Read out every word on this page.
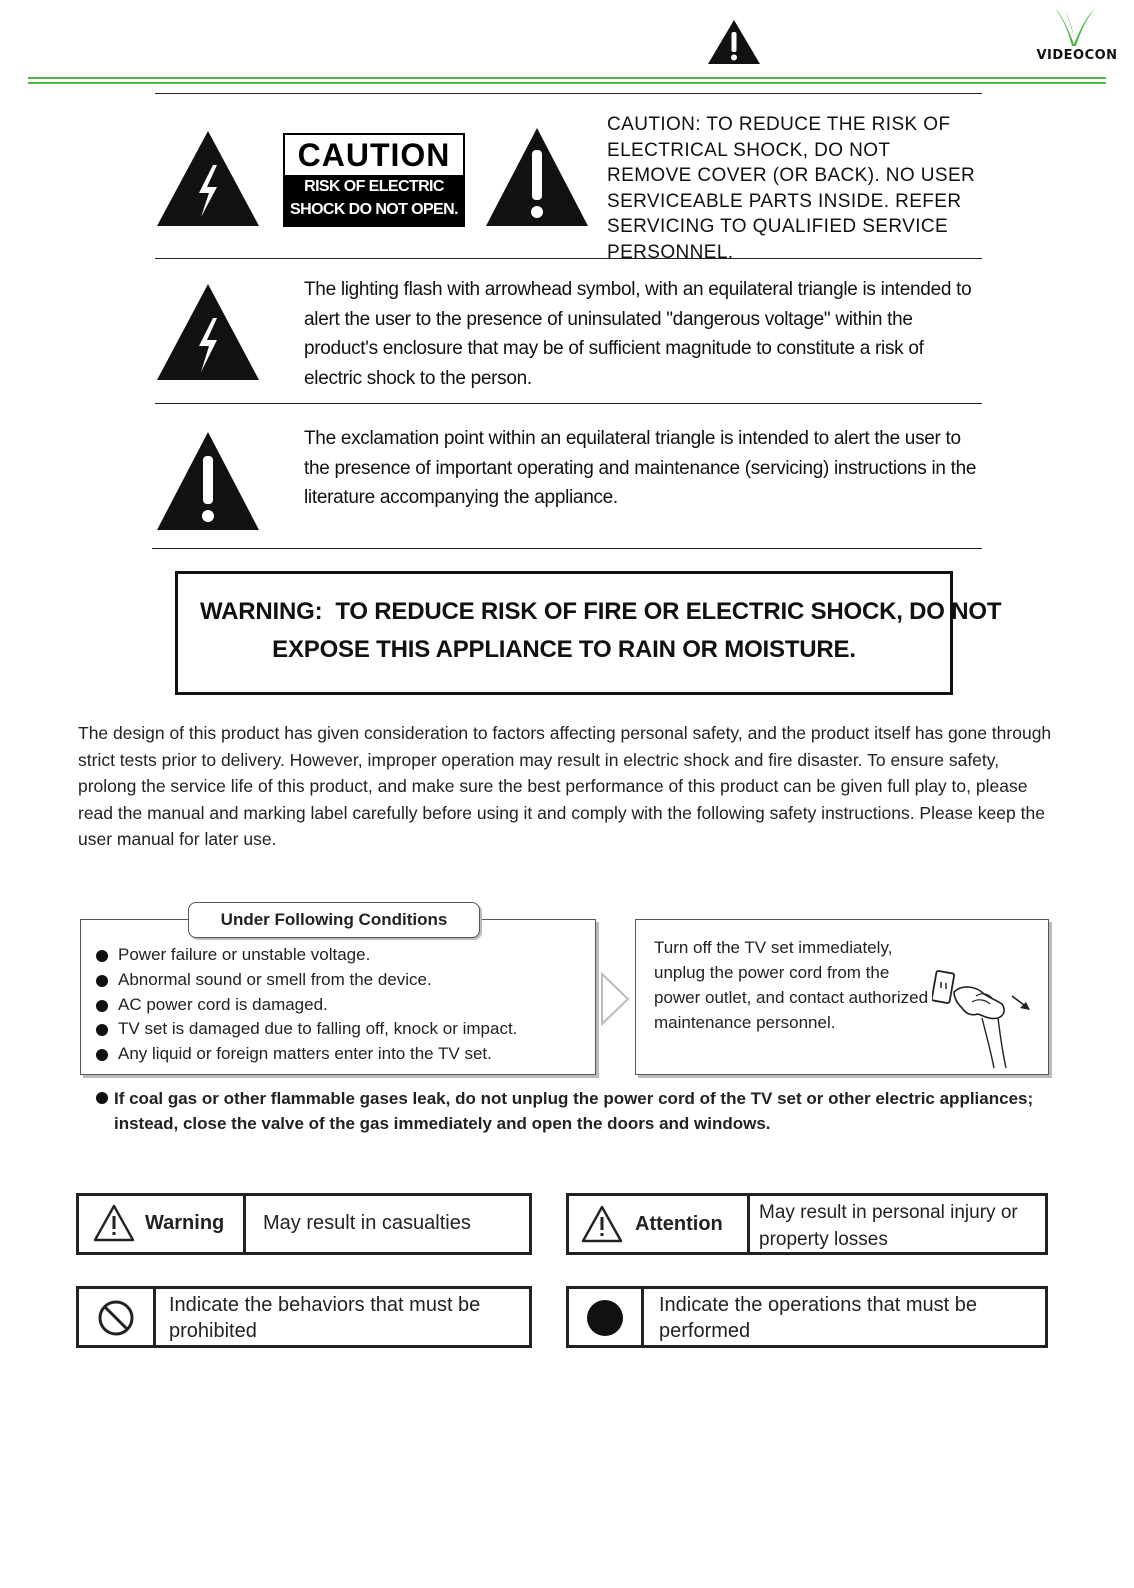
VIDEOCON
CAUTION
RISK OF ELECTRIC
SHOCK DO NOT OPEN.
CAUTION: TO REDUCE THE RISK OF ELECTRICAL SHOCK, DO NOT REMOVE COVER (OR BACK). NO USER SERVICEABLE PARTS INSIDE. REFER SERVICING TO QUALIFIED SERVICE PERSONNEL.
The lighting flash with arrowhead symbol, with an equilateral triangle is intended to alert the user to the presence of uninsulated "dangerous voltage" within the product's enclosure that may be of sufficient magnitude to constitute a risk of electric shock to the person.
The exclamation point within an equilateral triangle is intended to alert the user to the presence of important operating and maintenance (servicing) instructions in the literature accompanying the appliance.
WARNING:  TO REDUCE RISK OF FIRE OR ELECTRIC SHOCK, DO NOT
EXPOSE THIS APPLIANCE TO RAIN OR MOISTURE.
The design of this product has given consideration to factors affecting personal safety, and the product itself has gone through strict tests prior to delivery. However, improper operation may result in electric shock and fire disaster. To ensure safety, prolong the service life of this product, and make sure the best performance of this product can be given full play to, please read the manual and marking label carefully before using it and comply with the following safety instructions. Please keep the user manual for later use.
Under Following Conditions
Power failure or unstable voltage.
Abnormal sound or smell from the device.
AC power cord is damaged.
TV set is damaged due to falling off, knock or impact.
Any liquid or foreign matters enter into the TV set.
Turn off the TV set immediately, unplug the power cord from the power outlet, and contact authorized maintenance personnel.
If coal gas or other flammable gases leak, do not unplug the power cord of the TV set or other electric appliances; instead, close the valve of the gas immediately and open the doors and windows.
Warning May result in casualties	Attention
May result in personal injury or property losses
Indicate the behaviors that must be prohibited
Indicate the operations that must be performed
